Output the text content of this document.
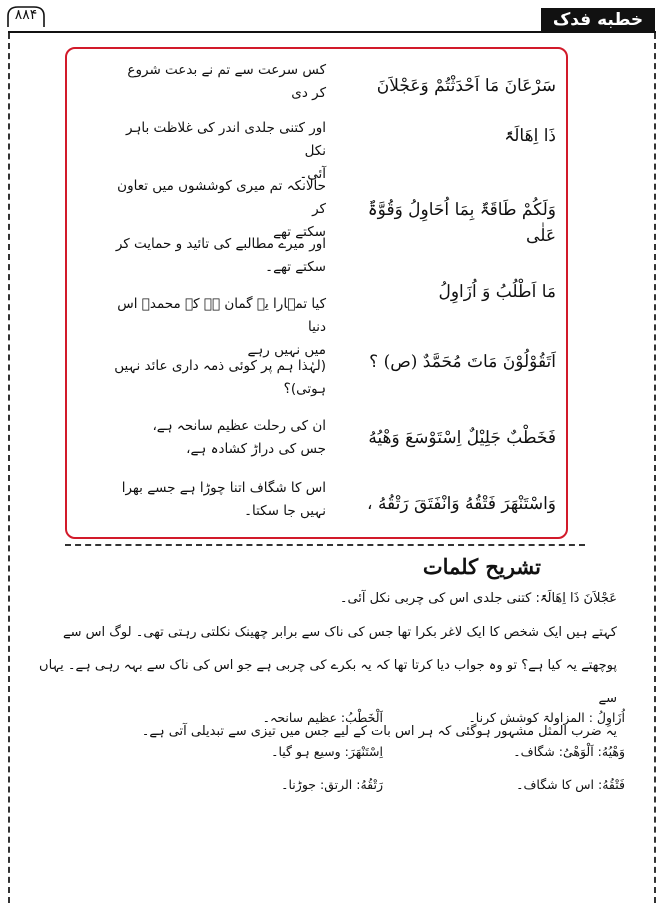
۸۸۴	خطبه فدک
سَرْعَانَ مَا اَحْدَثْتُمْ وَعَجْلاَنَ
کس سرعت سے تم نے بدعت شروع
کر دی
ذَا اِهَالَۃً
اور کتنی جلدی اندر کی غلاظت باہر نکل
آئی۔
وَلَکُمْ طَاقَۃٌ بِمَا اُحَاوِلُ وَقُوَّۃٌ عَلٰی
حالانکہ تم میری کوششوں میں تعاون کر
سکتے تھے
مَا اَطْلُبُ وَ اُزَاوِلُ
اور میرے مطالبے کی تائید و حمایت کر
سکتے تھے۔
اَتَقُوْلُوْنَ مَاتَ مُحَمَّدٌ (ص) ؟
کیا تمہارا یہ گمان ہے کہ محمدؐ اس دنیا
میں نہیں رہے
(لہٰذا ہم پر کوئی ذمہ داری عائد نہیں
ہوتی)؟
فَخَطْبٌ جَلِیْلٌ اِسْتَوْسَعَ وَهْیُهُ
ان کی رحلت عظیم سانحہ ہے،
جس کی دراڑ کشادہ ہے،
وَاسْتَنْهَرَ فَتْقُهُ وَانْفَتَقَ رَتْقُهُ ،
اس کا شگاف اتنا چوڑا ہے جسے بھرا
نہیں جا سکتا۔
تشریح کلمات
عَجْلاَنَ ذَا اِهَالَۃً: کتنی جلدی اس کی چربی نکل آئی۔
کہتے ہیں ایک شخص کا ایک لاغر بکرا تھا جس کی ناک سے برابر چھینک نکلتی رہتی تھی۔ لوگ اس سے
پوچھتے یہ کیا ہے؟ تو وہ جواب دیا کرتا تھا کہ یہ بکرے کی چربی ہے جو اس کی ناک سے بہہ رہی ہے۔ یہاں سے
یہ ضرب المثل مشہور ہوگئی کہ ہر اس بات کے لیے جس میں تیزی سے تبدیلی آتی ہے۔
اُزَاوِلُ : المزاولۃ کوشش کرنا۔
اَلْخَطْبُ: عظیم سانحہ۔
وَهْیُهُ: اَلْوَهْیُ: شگاف۔
اِسْتَنْهَرَ: وسیع ہو گیا۔
فَتْقُهُ: اس کا شگاف۔
رَتْقُهُ: الرتق: جوڑنا۔
